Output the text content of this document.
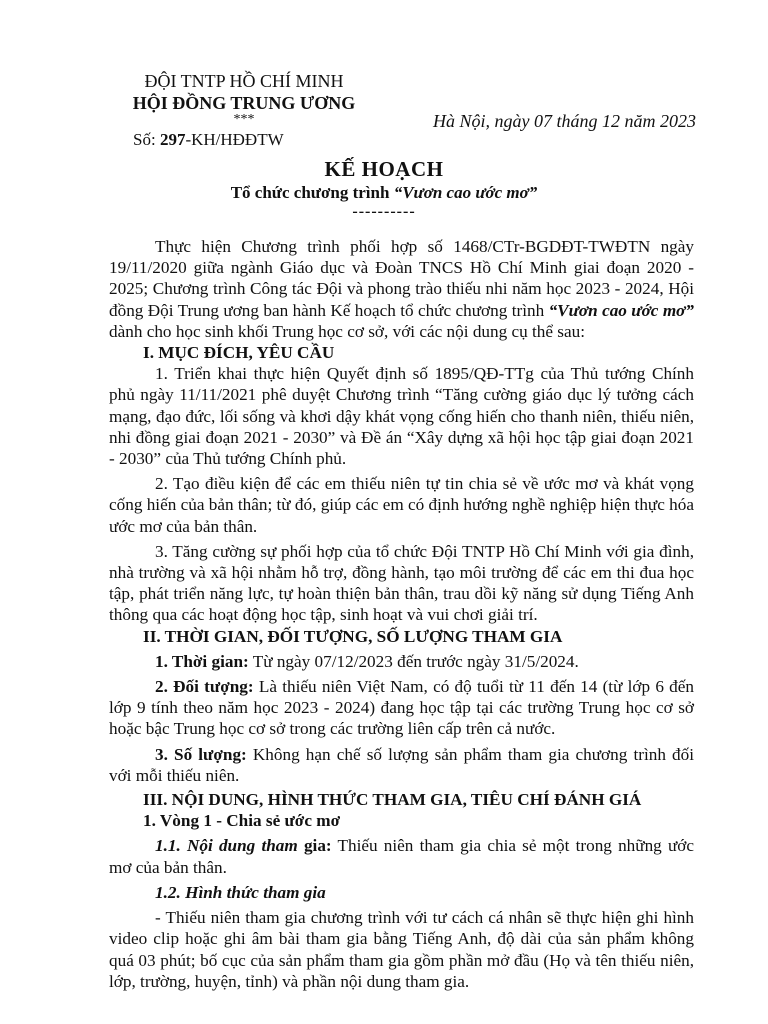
ĐỘI TNTP HỒ CHÍ MINH
HỘI ĐỒNG TRUNG ƯƠNG
***
Số: 297-KH/HĐĐTW
Hà Nội, ngày 07 tháng 12 năm 2023
KẾ HOẠCH
Tổ chức chương trình “Vươn cao ước mơ”
----------

Thực hiện Chương trình phối hợp số 1468/CTr-BGDĐT-TWĐTN ngày 19/11/2020 giữa ngành Giáo dục và Đoàn TNCS Hồ Chí Minh giai đoạn 2020 - 2025; Chương trình Công tác Đội và phong trào thiếu nhi năm học 2023 - 2024, Hội đồng Đội Trung ương ban hành Kế hoạch tổ chức chương trình “Vươn cao ước mơ” dành cho học sinh khối Trung học cơ sở, với các nội dung cụ thể sau:

I. MỤC ĐÍCH, YÊU CẦU

1. Triển khai thực hiện Quyết định số 1895/QĐ-TTg của Thủ tướng Chính phủ ngày 11/11/2021 phê duyệt Chương trình “Tăng cường giáo dục lý tưởng cách mạng, đạo đức, lối sống và khơi dậy khát vọng cống hiến cho thanh niên, thiếu niên, nhi đồng giai đoạn 2021 - 2030” và Đề án “Xây dựng xã hội học tập giai đoạn 2021 - 2030” của Thủ tướng Chính phủ.

2. Tạo điều kiện để các em thiếu niên tự tin chia sẻ về ước mơ và khát vọng cống hiến của bản thân; từ đó, giúp các em có định hướng nghề nghiệp hiện thực hóa ước mơ của bản thân.

3. Tăng cường sự phối hợp của tổ chức Đội TNTP Hồ Chí Minh với gia đình, nhà trường và xã hội nhằm hỗ trợ, đồng hành, tạo môi trường để các em thi đua học tập, phát triển năng lực, tự hoàn thiện bản thân, trau dồi kỹ năng sử dụng Tiếng Anh thông qua các hoạt động học tập, sinh hoạt và vui chơi giải trí.

II. THỜI GIAN, ĐỐI TƯỢNG, SỐ LƯỢNG THAM GIA

1. Thời gian: Từ ngày 07/12/2023 đến trước ngày 31/5/2024.

2. Đối tượng: Là thiếu niên Việt Nam, có độ tuổi từ 11 đến 14 (từ lớp 6 đến lớp 9 tính theo năm học 2023 - 2024) đang học tập tại các trường Trung học cơ sở hoặc bậc Trung học cơ sở trong các trường liên cấp trên cả nước.

3. Số lượng: Không hạn chế số lượng sản phẩm tham gia chương trình đối với mỗi thiếu niên.

III. NỘI DUNG, HÌNH THỨC THAM GIA, TIÊU CHÍ ĐÁNH GIÁ
1. Vòng 1 - Chia sẻ ước mơ

1.1. Nội dung tham gia: Thiếu niên tham gia chia sẻ một trong những ước mơ của bản thân.

1.2. Hình thức tham gia

- Thiếu niên tham gia chương trình với tư cách cá nhân sẽ thực hiện ghi hình video clip hoặc ghi âm bài tham gia bằng Tiếng Anh, độ dài của sản phẩm không quá 03 phút; bố cục của sản phẩm tham gia gồm phần mở đầu (Họ và tên thiếu niên, lớp, trường, huyện, tỉnh) và phần nội dung tham gia.
